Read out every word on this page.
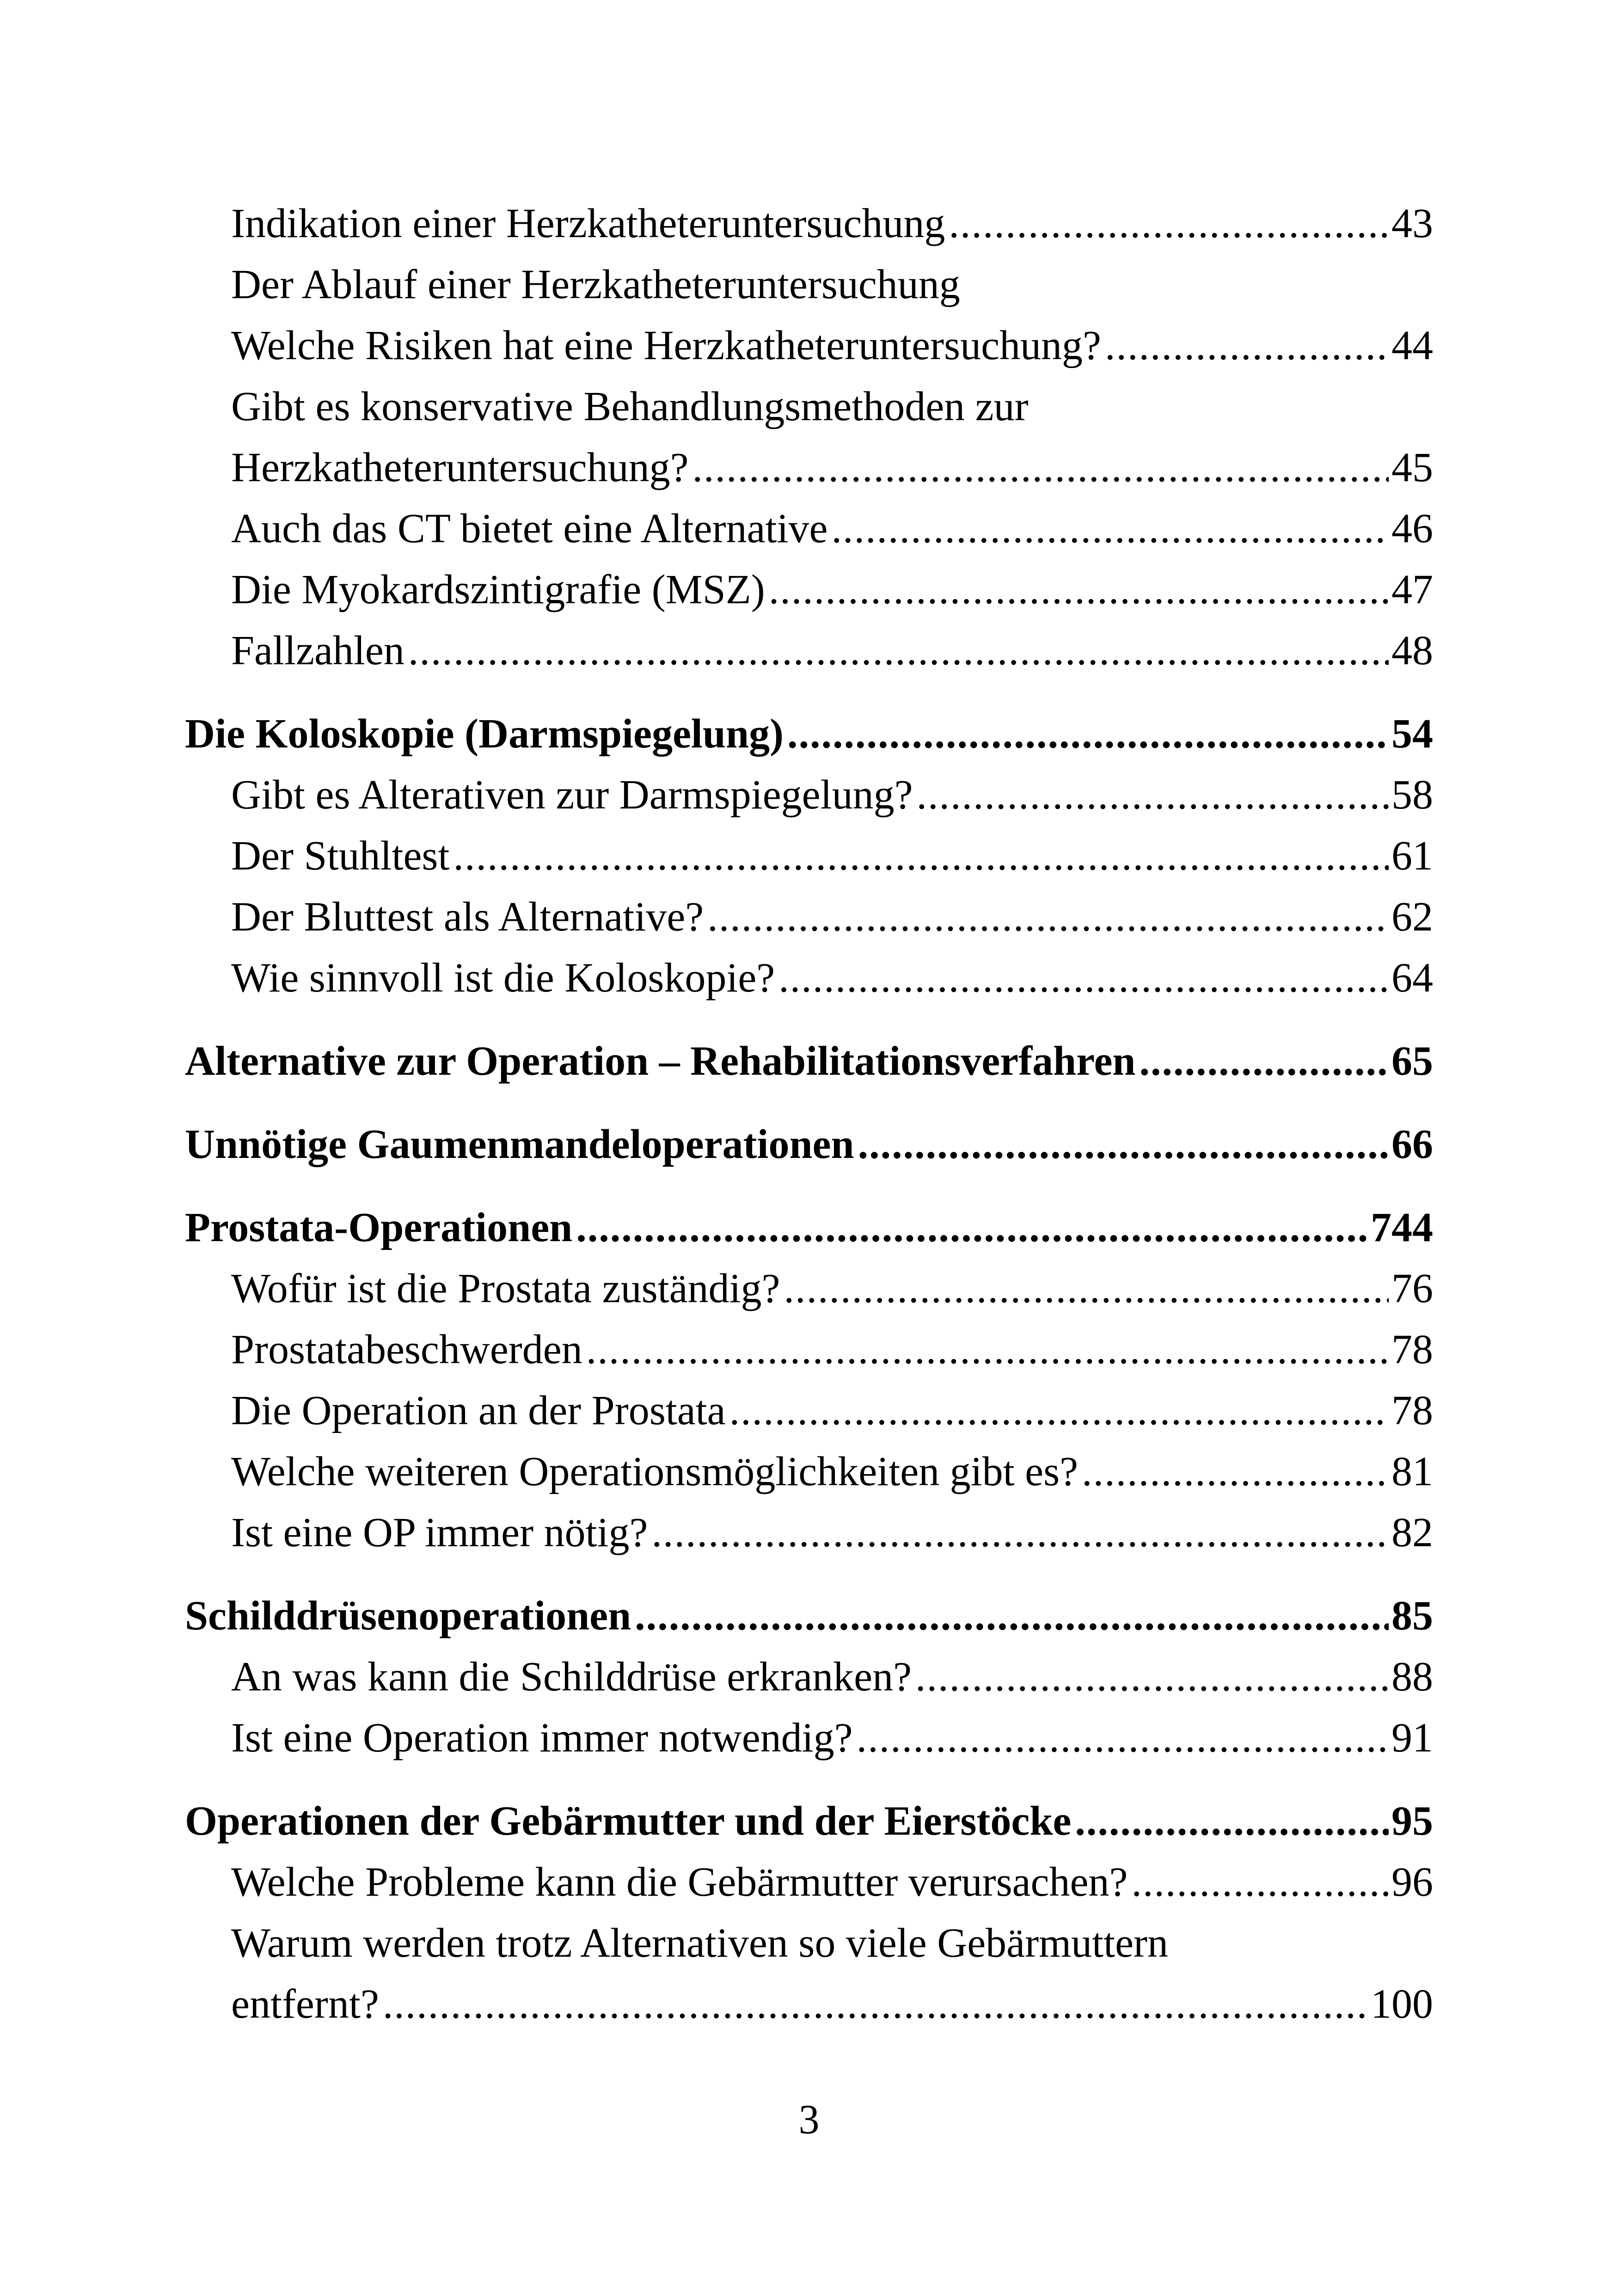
Indikation einer Herzkatheteruntersuchung .....	43
Der Ablauf einer Herzkatheteruntersuchung
Welche Risiken hat eine Herzkatheteruntersuchung? .....	44
Gibt es konservative Behandlungsmethoden zur
Herzkatheteruntersuchung? .....	45
Auch das CT bietet eine Alternative .....	46
Die Myokardszintigrafie (MSZ) .....	47
Fallzahlen .....	48
Die Koloskopie (Darmspiegelung) .....	54
Gibt es Alterativen zur Darmspiegelung? .....	58
Der Stuhltest .....	61
Der Bluttest als Alternative? .....	62
Wie sinnvoll ist die Koloskopie? .....	64
Alternative zur Operation – Rehabilitationsverfahren .....	65
Unnötige Gaumenmandeloperationen .....	66
Prostata-Operationen .....	744
Wofür ist die Prostata zuständig? .....	76
Prostatabeschwerden .....	78
Die Operation an der Prostata .....	78
Welche weiteren Operationsmöglichkeiten gibt es? .....	81
Ist eine OP immer nötig? .....	82
Schilddrüsenoperationen .....	85
An was kann die Schilddrüse erkranken? .....	88
Ist eine Operation immer notwendig? .....	91
Operationen der Gebärmutter und der Eierstöcke .....	95
Welche Probleme kann die Gebärmutter verursachen? .....	96
Warum werden trotz Alternativen so viele Gebärmuttern
entfernt? .....	100
3
